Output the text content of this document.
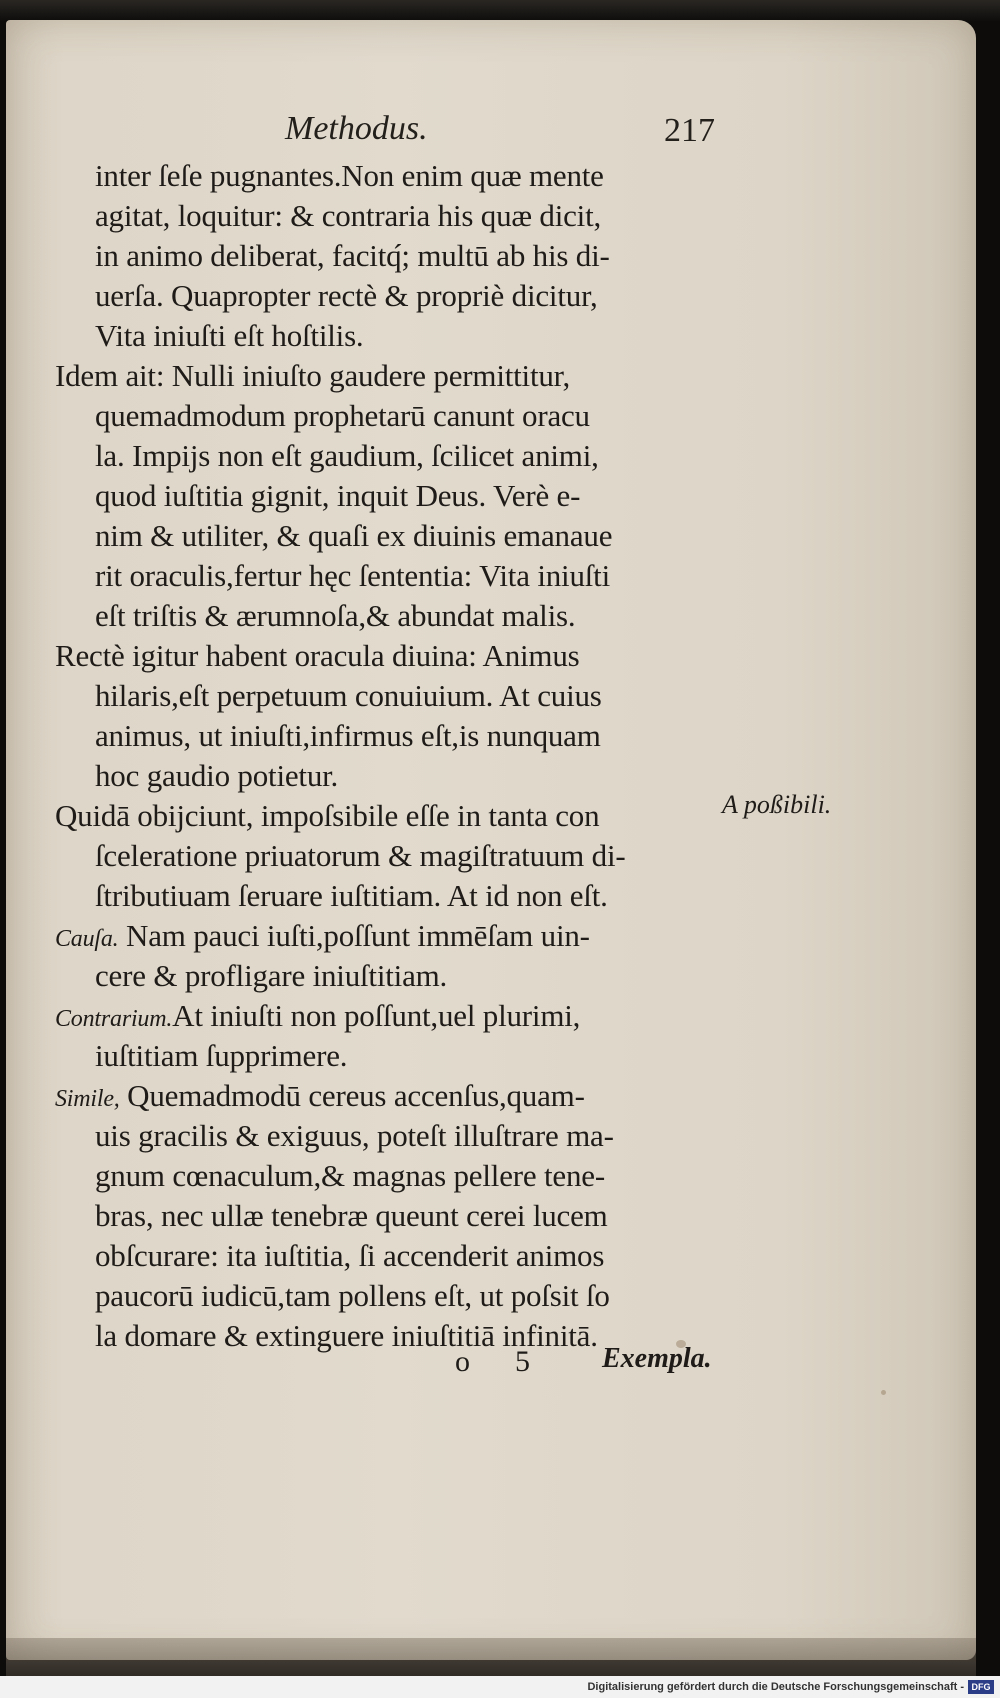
Methodus.	217
inter ſeſe pugnantes.Non enim quæ mente
agitat, loquitur: & contraria his quæ dicit,
in animo deliberat, facitq́; multū ab his di-
uerſa. Quapropter rectè & propriè dicitur,
Vita iniuſti eſt hoſtilis.
Idem ait: Nulli iniuſto gaudere permittitur,
quemadmodum prophetarū canunt oracu
la. Impijs non eſt gaudium, ſcilicet animi,
quod iuſtitia gignit, inquit Deus. Verè e-
nim & utiliter, & quaſi ex diuinis emanaue
rit oraculis,fertur hęc ſententia: Vita iniuſti
eſt triſtis & ærumnoſa,& abundat malis.
Rectè igitur habent oracula diuina: Animus
hilaris,eſt perpetuum conuiuium. At cuius
animus, ut iniuſti,infirmus eſt,is nunquam
hoc gaudio potietur.
Quidā obijciunt, impoſsibile eſſe in tanta con
ſceleratione priuatorum & magiſtratuum di-
ſtributiuam ſeruare iuſtitiam. At id non eſt.
Cauſa. Nam pauci iuſti,poſſunt immēſam uin-
cere & profligare iniuſtitiam.
Contrarium.At iniuſti non poſſunt,uel plurimi,
iuſtitiam ſupprimere.
Simile, Quemadmodū cereus accenſus,quam-
uis gracilis & exiguus, poteſt illuſtrare ma-
gnum cœnaculum,& magnas pellere tene-
bras, nec ullæ tenebræ queunt cerei lucem
obſcurare: ita iuſtitia, ſi accenderit animos
paucorū iudicū,tam pollens eſt, ut poſsit ſo
la domare & extinguere iniuſtitiā infinitā.
A poßibili.
o 5	Exempla.
Digitalisierung gefördert durch die Deutsche Forschungsgemeinschaft - DFG
